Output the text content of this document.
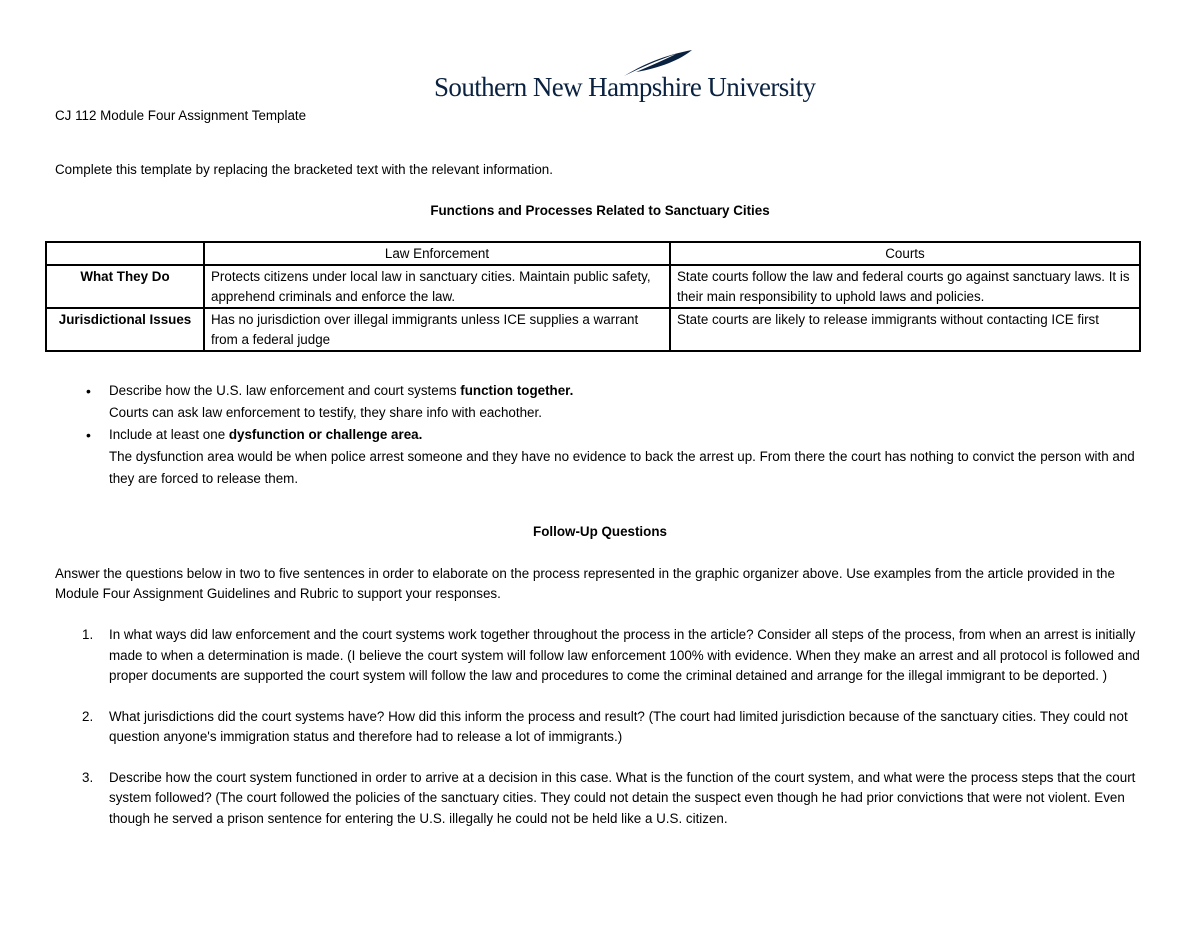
Southern New Hampshire University
CJ 112 Module Four Assignment Template
Complete this template by replacing the bracketed text with the relevant information.
Functions and Processes Related to Sanctuary Cities
	Law Enforcement	Courts
What They Do	Protects citizens under local law in sanctuary cities. Maintain public safety, apprehend criminals and enforce the law.	State courts follow the law and federal courts go against sanctuary laws. It is their main responsibility to uphold laws and policies.
Jurisdictional Issues	Has no jurisdiction over illegal immigrants unless ICE supplies a warrant from a federal judge	State courts are likely to release immigrants without contacting ICE first
• Describe how the U.S. law enforcement and court systems function together.
Courts can ask law enforcement to testify, they share info with eachother.
• Include at least one dysfunction or challenge area.
The dysfunction area would be when police arrest someone and they have no evidence to back the arrest up. From there the court has nothing to convict the person with and they are forced to release them.
Follow-Up Questions
Answer the questions below in two to five sentences in order to elaborate on the process represented in the graphic organizer above. Use examples from the article provided in the Module Four Assignment Guidelines and Rubric to support your responses.
1. In what ways did law enforcement and the court systems work together throughout the process in the article? Consider all steps of the process, from when an arrest is initially made to when a determination is made. (I believe the court system will follow law enforcement 100% with evidence. When they make an arrest and all protocol is followed and proper documents are supported the court system will follow the law and procedures to come the criminal detained and arrange for the illegal immigrant to be deported. )
2. What jurisdictions did the court systems have? How did this inform the process and result? (The court had limited jurisdiction because of the sanctuary cities. They could not question anyone's immigration status and therefore had to release a lot of immigrants.)
3. Describe how the court system functioned in order to arrive at a decision in this case. What is the function of the court system, and what were the process steps that the court system followed? (The court followed the policies of the sanctuary cities. They could not detain the suspect even though he had prior convictions that were not violent. Even though he served a prison sentence for entering the U.S. illegally he could not be held like a U.S. citizen.
